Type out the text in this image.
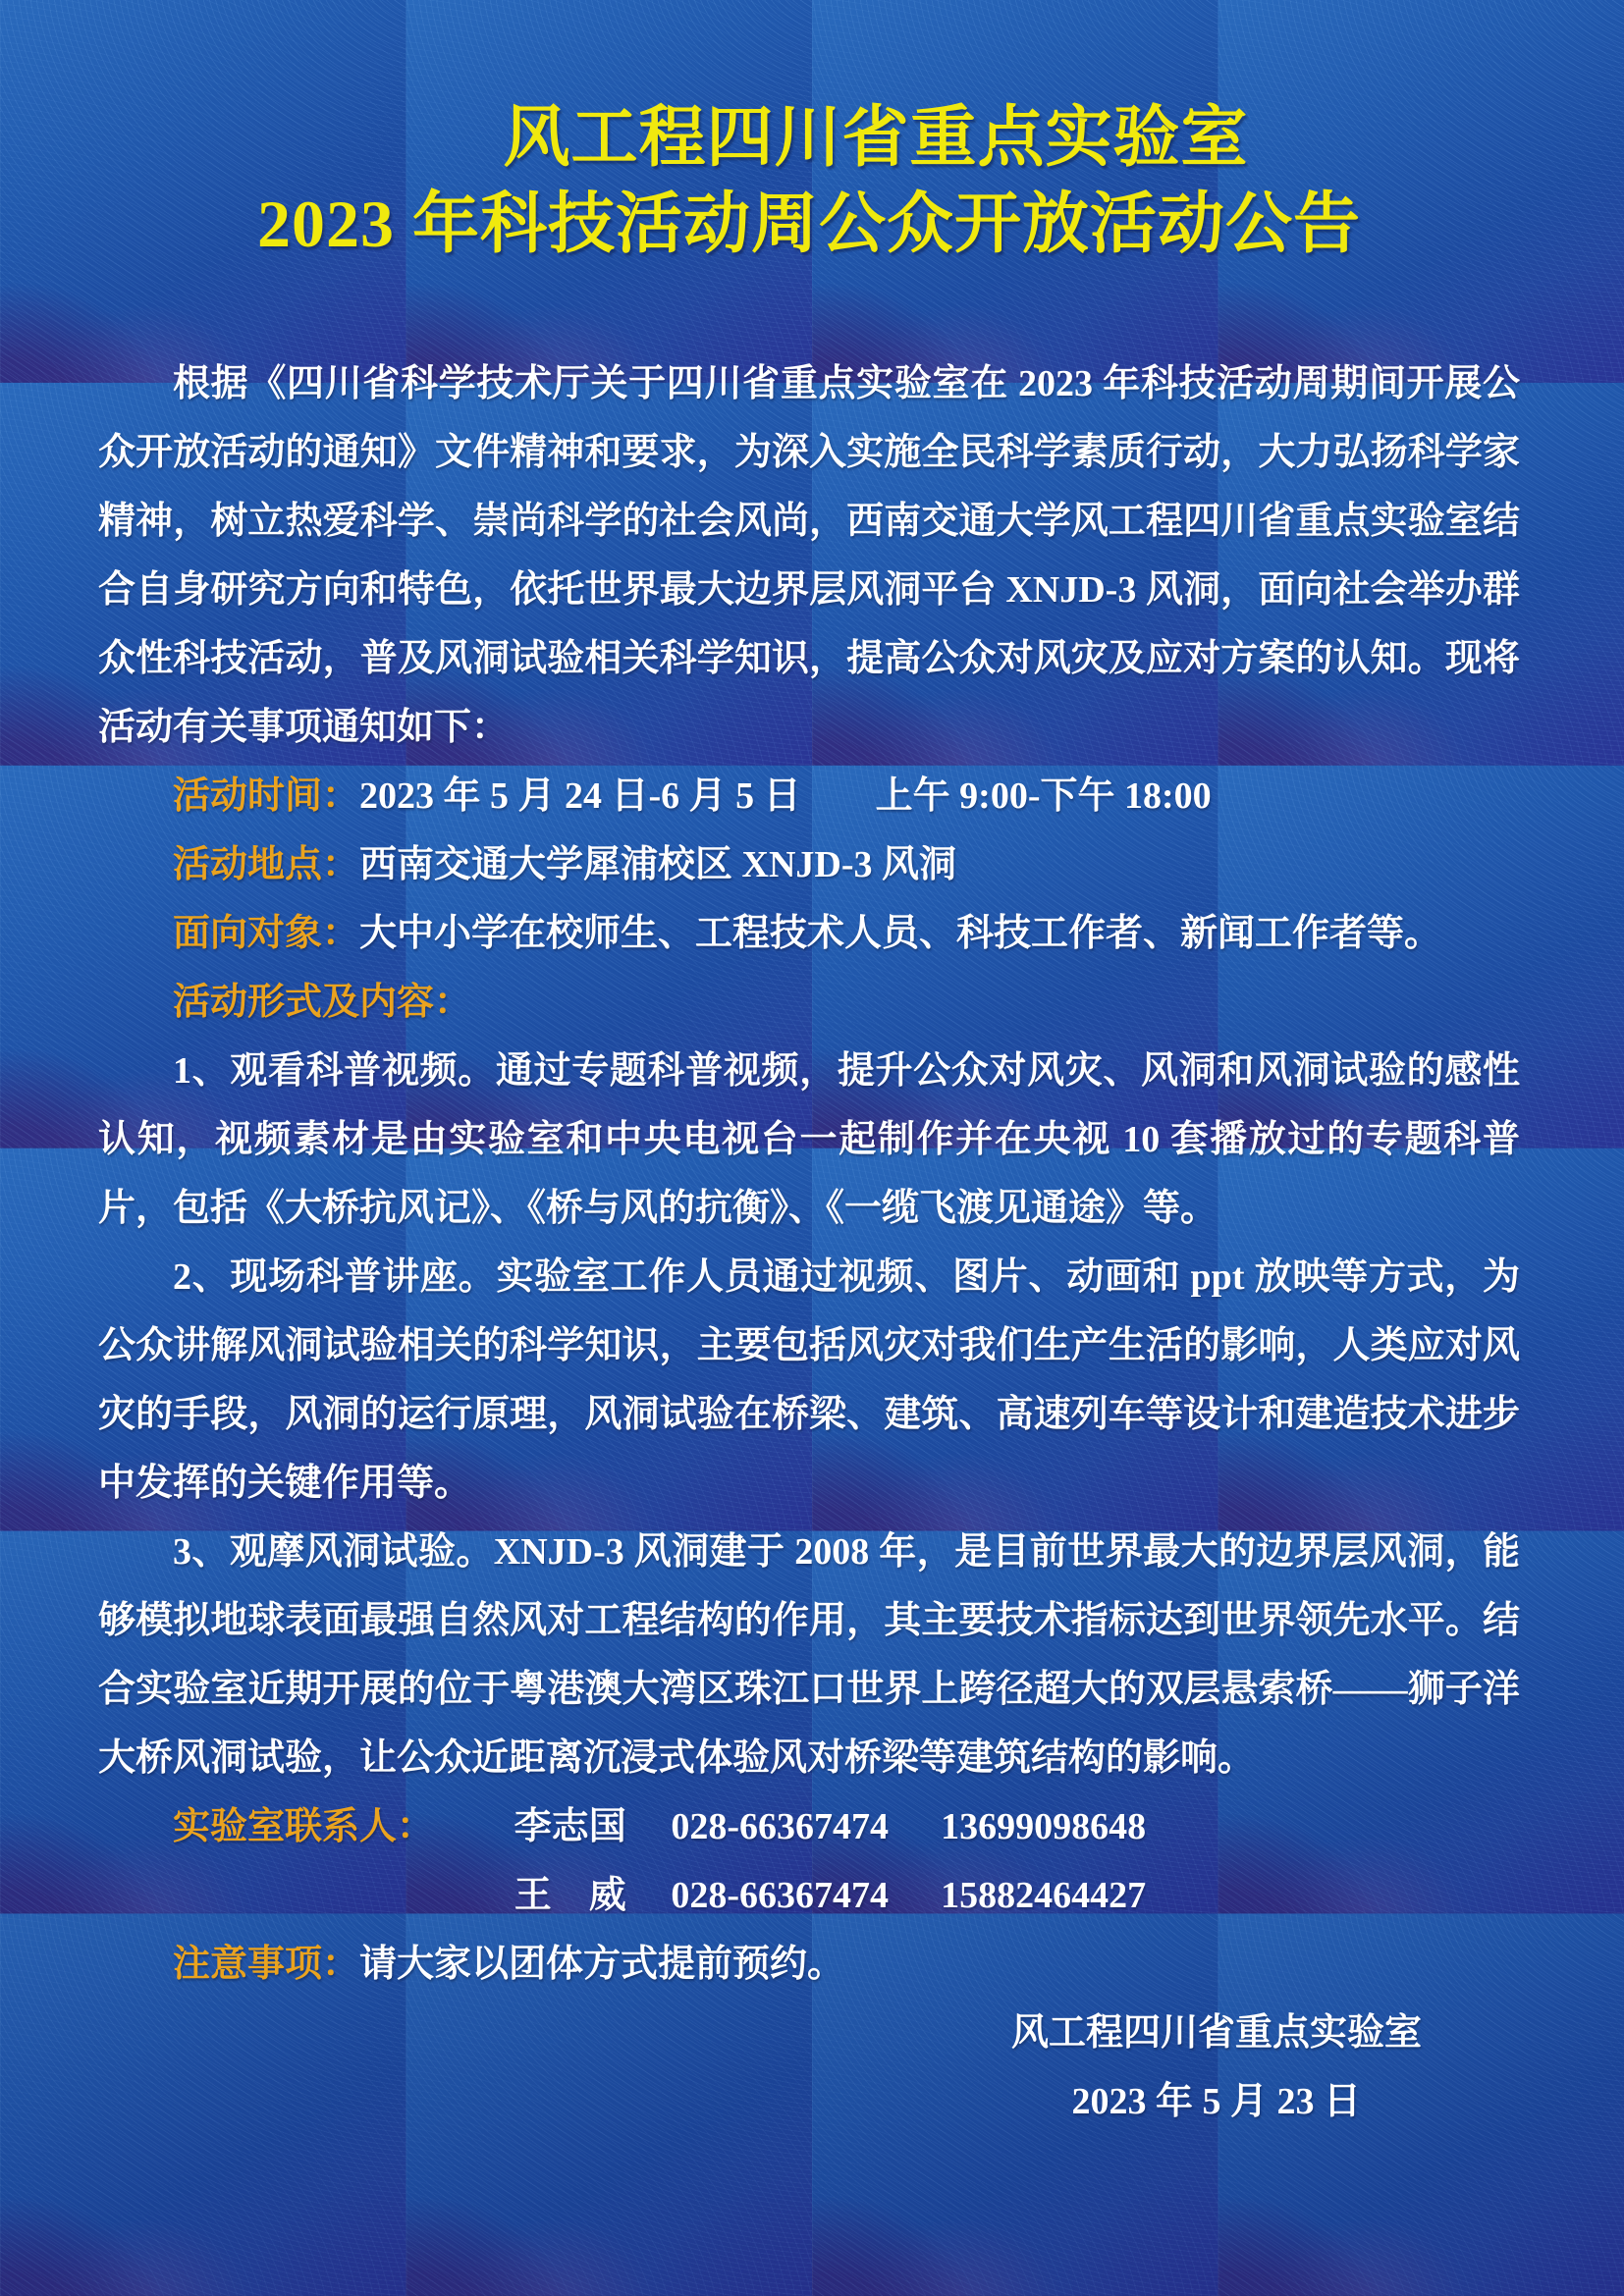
风工程四川省重点实验室
2023 年科技活动周公众开放活动公告

根据《四川省科学技术厅关于四川省重点实验室在 2023 年科技活动周期间开展公众开放活动的通知》文件精神和要求，为深入实施全民科学素质行动，大力弘扬科学家精神，树立热爱科学、崇尚科学的社会风尚，西南交通大学风工程四川省重点实验室结合自身研究方向和特色，依托世界最大边界层风洞平台 XNJD-3 风洞，面向社会举办群众性科技活动，普及风洞试验相关科学知识，提高公众对风灾及应对方案的认知。现将活动有关事项通知如下：

活动时间：2023 年 5 月 24 日-6 月 5 日　　上午 9:00-下午 18:00

活动地点：西南交通大学犀浦校区 XNJD-3 风洞

面向对象：大中小学在校师生、工程技术人员、科技工作者、新闻工作者等。

活动形式及内容：

1、观看科普视频。通过专题科普视频，提升公众对风灾、风洞和风洞试验的感性认知，视频素材是由实验室和中央电视台一起制作并在央视 10 套播放过的专题科普片，包括《大桥抗风记》、《桥与风的抗衡》、《一缆飞渡见通途》等。

2、现场科普讲座。实验室工作人员通过视频、图片、动画和 ppt 放映等方式，为公众讲解风洞试验相关的科学知识，主要包括风灾对我们生产生活的影响，人类应对风灾的手段，风洞的运行原理，风洞试验在桥梁、建筑、高速列车等设计和建造技术进步中发挥的关键作用等。

3、观摩风洞试验。XNJD-3 风洞建于 2008 年，是目前世界最大的边界层风洞，能够模拟地球表面最强自然风对工程结构的作用，其主要技术指标达到世界领先水平。结合实验室近期开展的位于粤港澳大湾区珠江口世界上跨径超大的双层悬索桥——狮子洋大桥风洞试验，让公众近距离沉浸式体验风对桥梁等建筑结构的影响。

实验室联系人： 李志国 028-66367474 13699098648

王　威 028-66367474 15882464427

注意事项：请大家以团体方式提前预约。

风工程四川省重点实验室

2023 年 5 月 23 日
